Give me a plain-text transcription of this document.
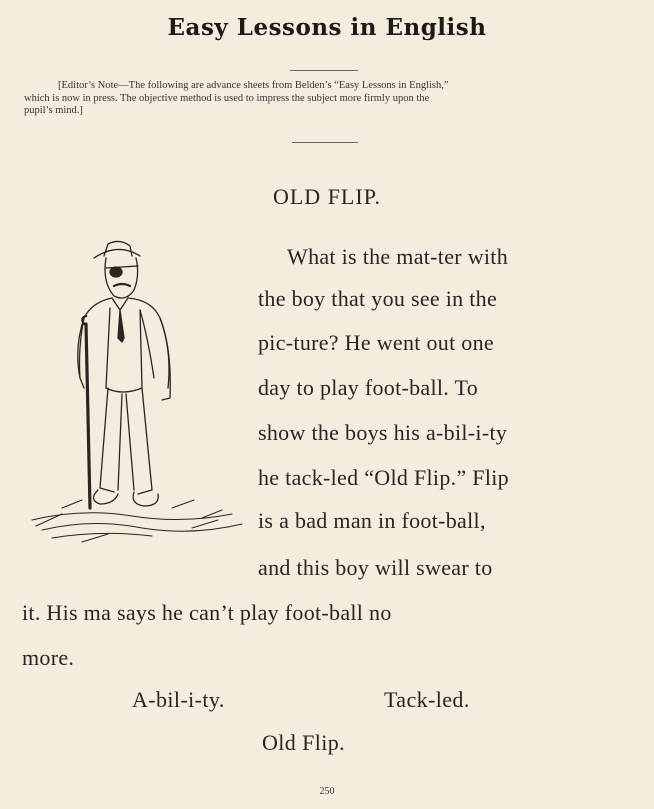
Easy Lessons in English
[Editor’s Note—The following are advance sheets from Belden’s “Easy Lessons in English,”
which is now in press. The objective method is used to impress the subject more firmly upon the
pupil’s mind.]
OLD FLIP.
What is the mat-ter with
the boy that you see in the
pic-ture? He went out one
day to play foot-ball. To
show the boys his a-bil-i-ty
he tack-led “Old Flip.” Flip
is a bad man in foot-ball,
and this boy will swear to
it. His ma says he can’t play foot-ball no
more.
A-bil-i-ty.	Tack-led.
Old Flip.
250
